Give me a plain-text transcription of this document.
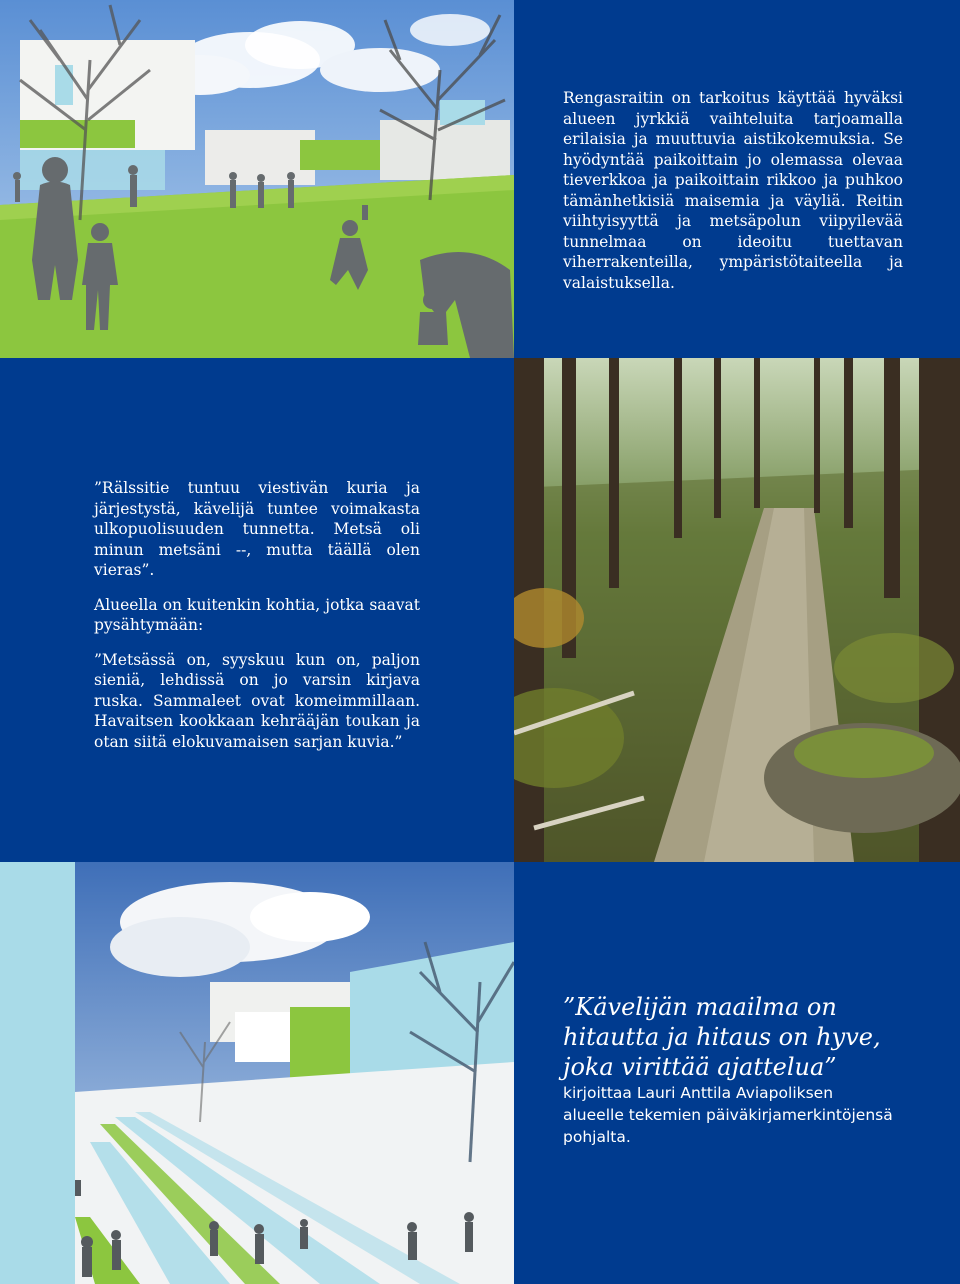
Rengasraitin on tarkoitus käyttää hyväksi alueen jyrkkiä vaihteluita tarjoamalla erilaisia ja muuttuvia aistikokemuksia. Se hyödyntää paikoittain jo olemassa olevaa tieverkkoa ja paikoittain rikkoo ja puhkoo tämänhetkisiä maisemia ja väyliä. Reitin viihtyisyyttä ja metsäpolun viipyilevää tunnelmaa on ideoitu tuettavan viherrakenteilla, ympäristötaiteella ja valaistuksella.

”Rälssitie tuntuu viestivän kuria ja järjestystä, kävelijä tuntee voimakasta ulkopuolisuuden tunnetta. Metsä oli minun metsäni --, mutta täällä olen vieras”.

Alueella on kuitenkin kohtia, jotka saavat pysähtymään:

”Metsässä on, syyskuu kun on, paljon sieniä, lehdissä on jo varsin kirjava ruska. Sammaleet ovat komeimmillaan. Havaitsen kookkaan kehrääjän toukan ja otan siitä elokuvamaisen sarjan kuvia.”

”Kävelijän maailma on hitautta ja hitaus on hyve, joka virittää ajattelua”

kirjoittaa Lauri Anttila Aviapoliksen alueelle tekemien päiväkirjamerkintöjensä pohjalta.
